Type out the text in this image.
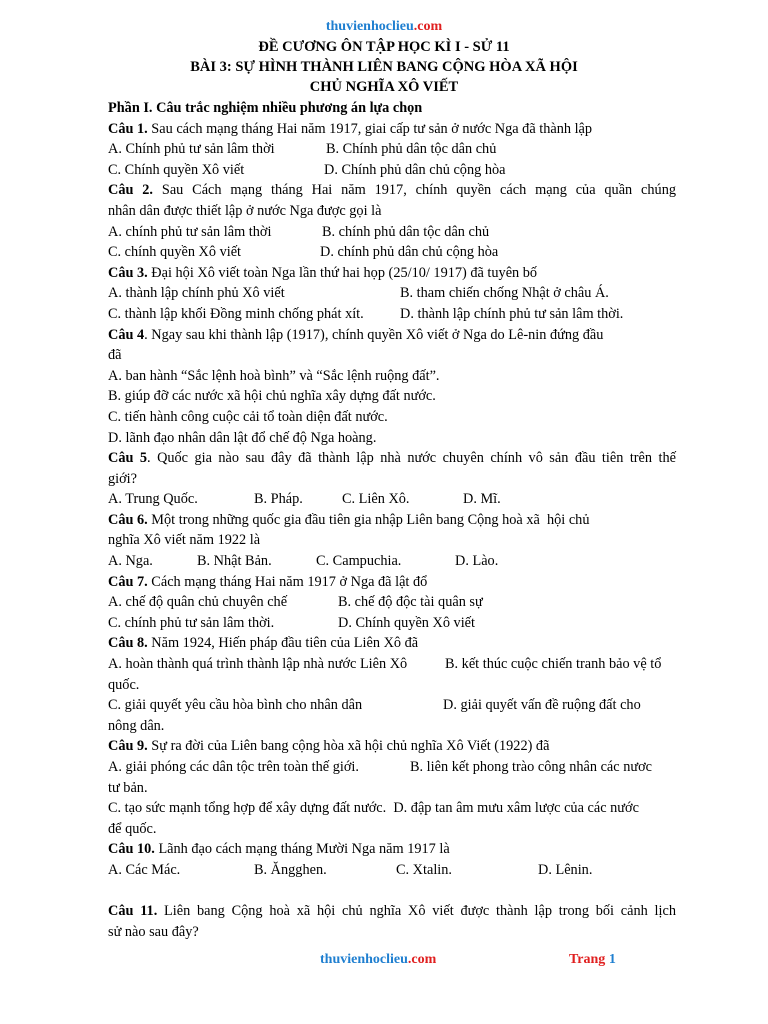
thuvienhoclieu.com
ĐỀ CƯƠNG ÔN TẬP HỌC KÌ I - SỬ 11
BÀI 3: SỰ HÌNH THÀNH LIÊN BANG CỘNG HÒA XÃ HỘI
CHỦ NGHĨA XÔ VIẾT
Phần I. Câu trắc nghiệm nhiều phương án lựa chọn
Câu 1. Sau cách mạng tháng Hai năm 1917, giai cấp tư sản ở nước Nga đã thành lập
A. Chính phủ tư sản lâm thời	B. Chính phủ dân tộc dân chủ
C. Chính quyền Xô viết	D. Chính phủ dân chủ cộng hòa
Câu 2. Sau Cách mạng tháng Hai năm 1917, chính quyền cách mạng của quần chúng
nhân dân được thiết lập ở nước Nga được gọi là
A. chính phủ tư sản lâm thời	B. chính phủ dân tộc dân chủ
C. chính quyền Xô viết	D. chính phủ dân chủ cộng hòa
Câu 3. Đại hội Xô viết toàn Nga lần thứ hai họp (25/10/ 1917) đã tuyên bố
A. thành lập chính phủ Xô viết	B. tham chiến chống Nhật ở châu Á.
C. thành lập khối Đồng minh chống phát xít.	D. thành lập chính phủ tư sản lâm thời.
Câu 4. Ngay sau khi thành lập (1917), chính quyền Xô viết ở Nga do Lê-nin đứng đầu
đã
A. ban hành “Sắc lệnh hoà bình” và “Sắc lệnh ruộng đất”.
B. giúp đỡ các nước xã hội chủ nghĩa xây dựng đất nước.
C. tiến hành công cuộc cải tổ toàn diện đất nước.
D. lãnh đạo nhân dân lật đổ chế độ Nga hoàng.
Câu 5. Quốc gia nào sau đây đã thành lập nhà nước chuyên chính vô sản đầu tiên trên thế
giới?
A. Trung Quốc.	B. Pháp.	C. Liên Xô.	D. Mĩ.
Câu 6. Một trong những quốc gia đầu tiên gia nhập Liên bang Cộng hoà xã  hội chủ
nghĩa Xô viết năm 1922 là
A. Nga.	B. Nhật Bản.	C. Campuchia.	D. Lào.
Câu 7. Cách mạng tháng Hai năm 1917 ở Nga đã lật đổ
A. chế độ quân chủ chuyên chế	B. chế độ độc tài quân sự
C. chính phủ tư sản lâm thời.	D. Chính quyền Xô viết
Câu 8. Năm 1924, Hiến pháp đầu tiên của Liên Xô đã
A. hoàn thành quá trình thành lập nhà nước Liên Xô	B. kết thúc cuộc chiến tranh bảo vệ tổ
quốc.
C. giải quyết yêu cầu hòa bình cho nhân dân	D. giải quyết vấn đề ruộng đất cho
nông dân.
Câu 9. Sự ra đời của Liên bang cộng hòa xã hội chủ nghĩa Xô Viết (1922) đã
A. giải phóng các dân tộc trên toàn thế giới.	B. liên kết phong trào công nhân các nươc
tư bản.
C. tạo sức mạnh tổng hợp để xây dựng đất nước.  D. đập tan âm mưu xâm lược của các nước
để quốc.
Câu 10. Lãnh đạo cách mạng tháng Mười Nga năm 1917 là
A. Các Mác.	B. Ăngghen.	C. Xtalin.	D. Lênin.
Câu 11. Liên bang Cộng hoà xã hội chủ nghĩa Xô viết được thành lập trong bối cảnh lịch
sử nào sau đây?
thuvienhoclieu.com	Trang 1
